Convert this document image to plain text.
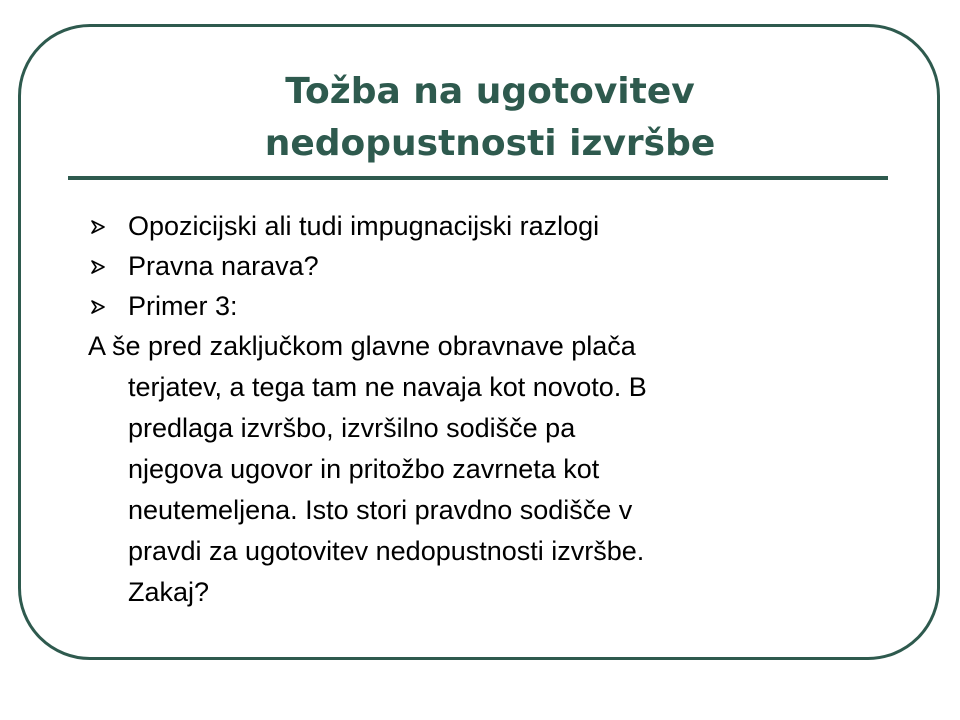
Tožba na ugotovitev
nedopustnosti izvršbe
Opozicijski ali tudi impugnacijski razlogi
Pravna narava?
Primer 3:

A še pred zaključkom glavne obravnave plača
terjatev, a tega tam ne navaja kot novoto. B
predlaga izvršbo, izvršilno sodišče pa
njegova ugovor in pritožbo zavrneta kot
neutemeljena. Isto stori pravdno sodišče v
pravdi za ugotovitev nedopustnosti izvršbe.
Zakaj?
